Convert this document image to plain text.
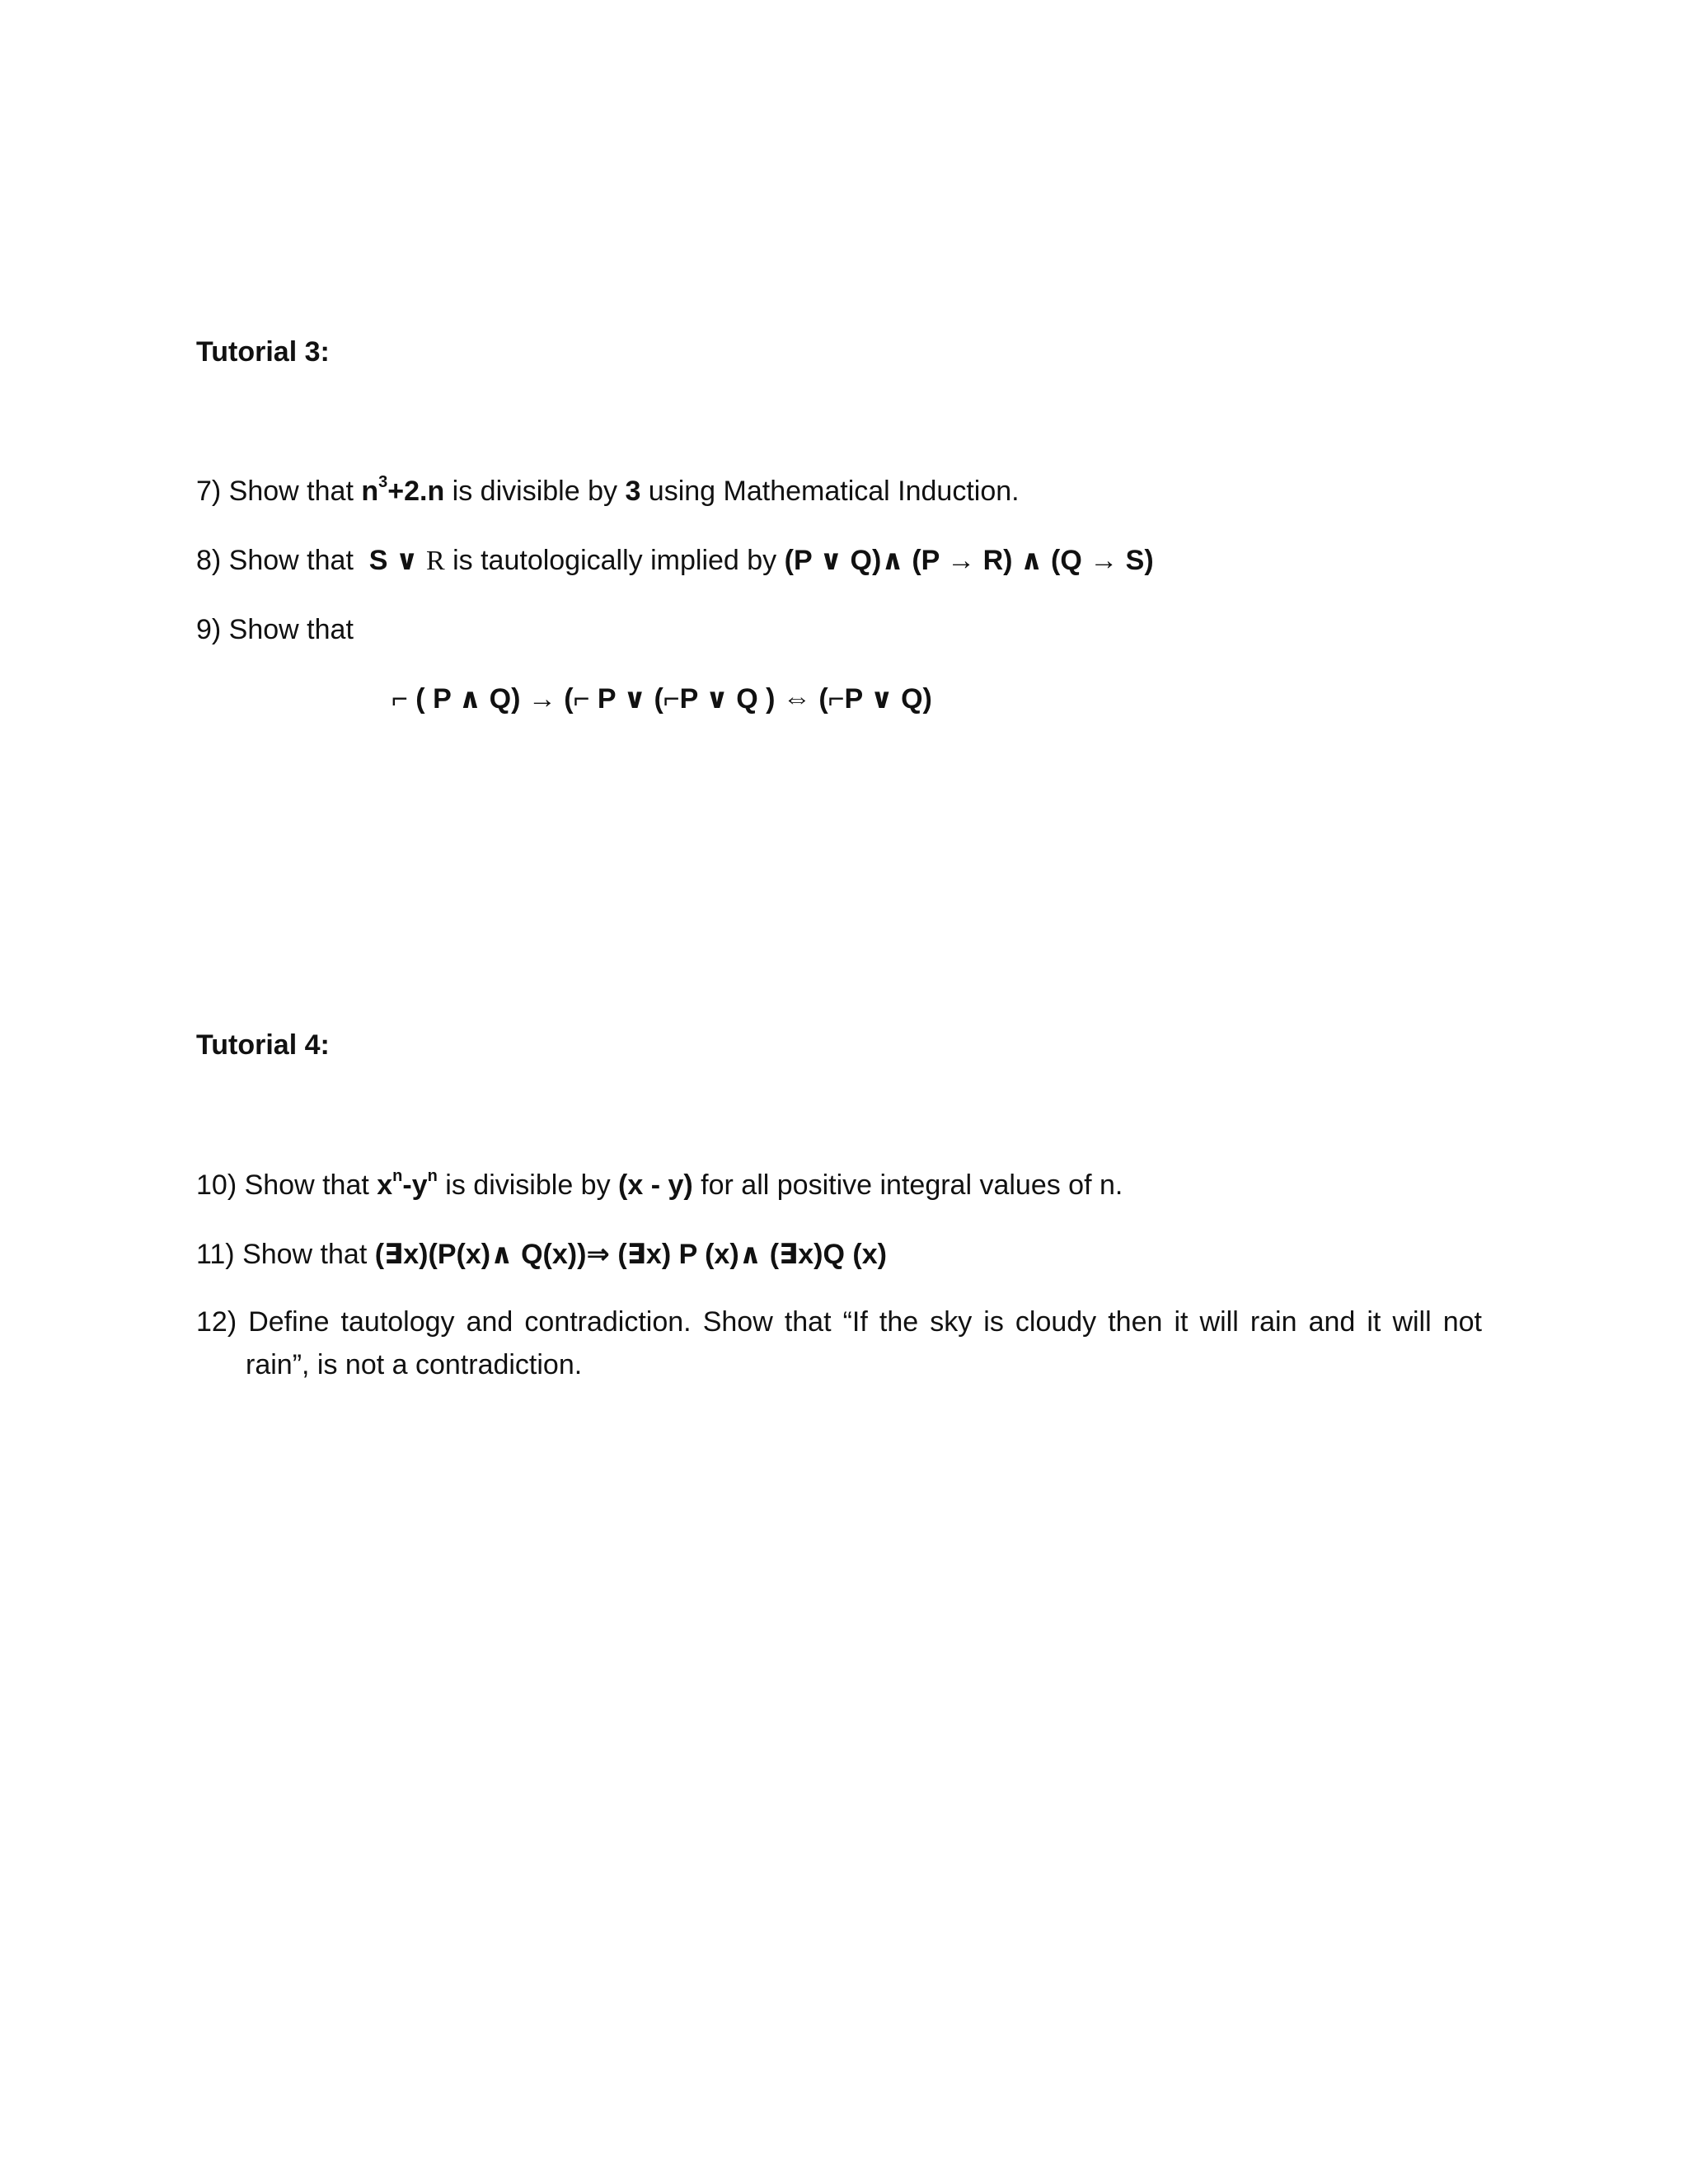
Tutorial 3:
7) Show that $n^3+2.n$ is divisible by 3 using Mathematical Induction.
8) Show that  S ∨ R is tautologically implied by (P ∨ Q)∧ (P → R) ∧ (Q → S)
9) Show that
⌐ ( P ∧ Q) → (⌐ P ∨ (⌐P ∨ Q ) ⇔ (⌐P ∨ Q)
Tutorial 4:
10) Show that $x^n-y^n$ is divisible by (x - y) for all positive integral values of n.
11) Show that (∃x)(P(x)∧ Q(x))⇒ (∃x) P (x)∧ (∃x)Q (x)
12) Define tautology and contradiction. Show that “If the sky is cloudy then it will rain and it will not
rain”, is not a contradiction.
